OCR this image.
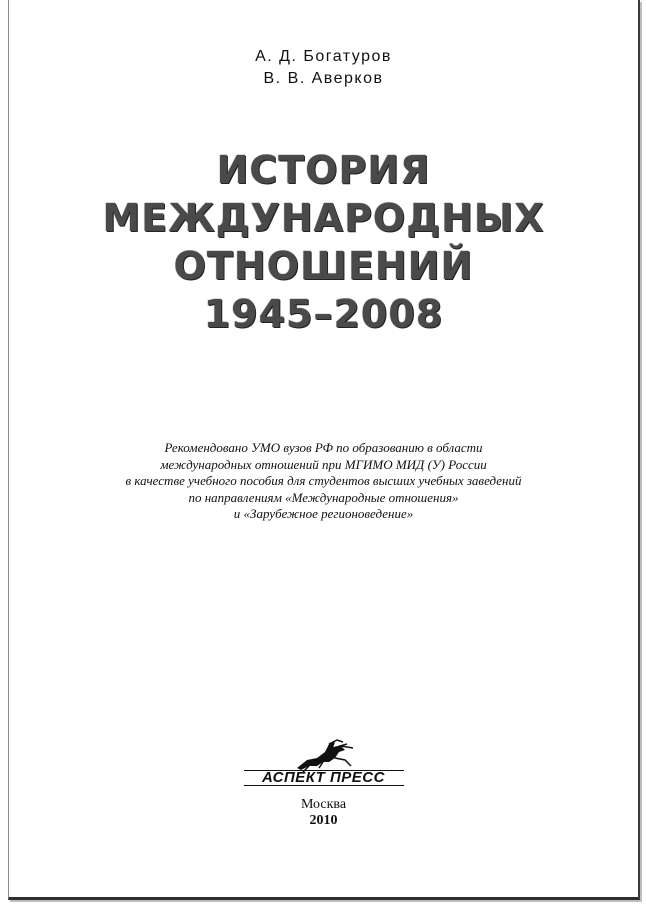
А. Д. Богатуров
В. В. Аверков
ИСТОРИЯ
МЕЖДУНАРОДНЫХ
ОТНОШЕНИЙ
1945–2008
Рекомендовано УМО вузов РФ по образованию в области
международных отношений при МГИМО МИД (У) России
в качестве учебного пособия для студентов высших учебных заведений
по направлениям «Международные отношения»
и «Зарубежное регионоведение»
АСПЕКТ ПРЕСС
Москва
2010
